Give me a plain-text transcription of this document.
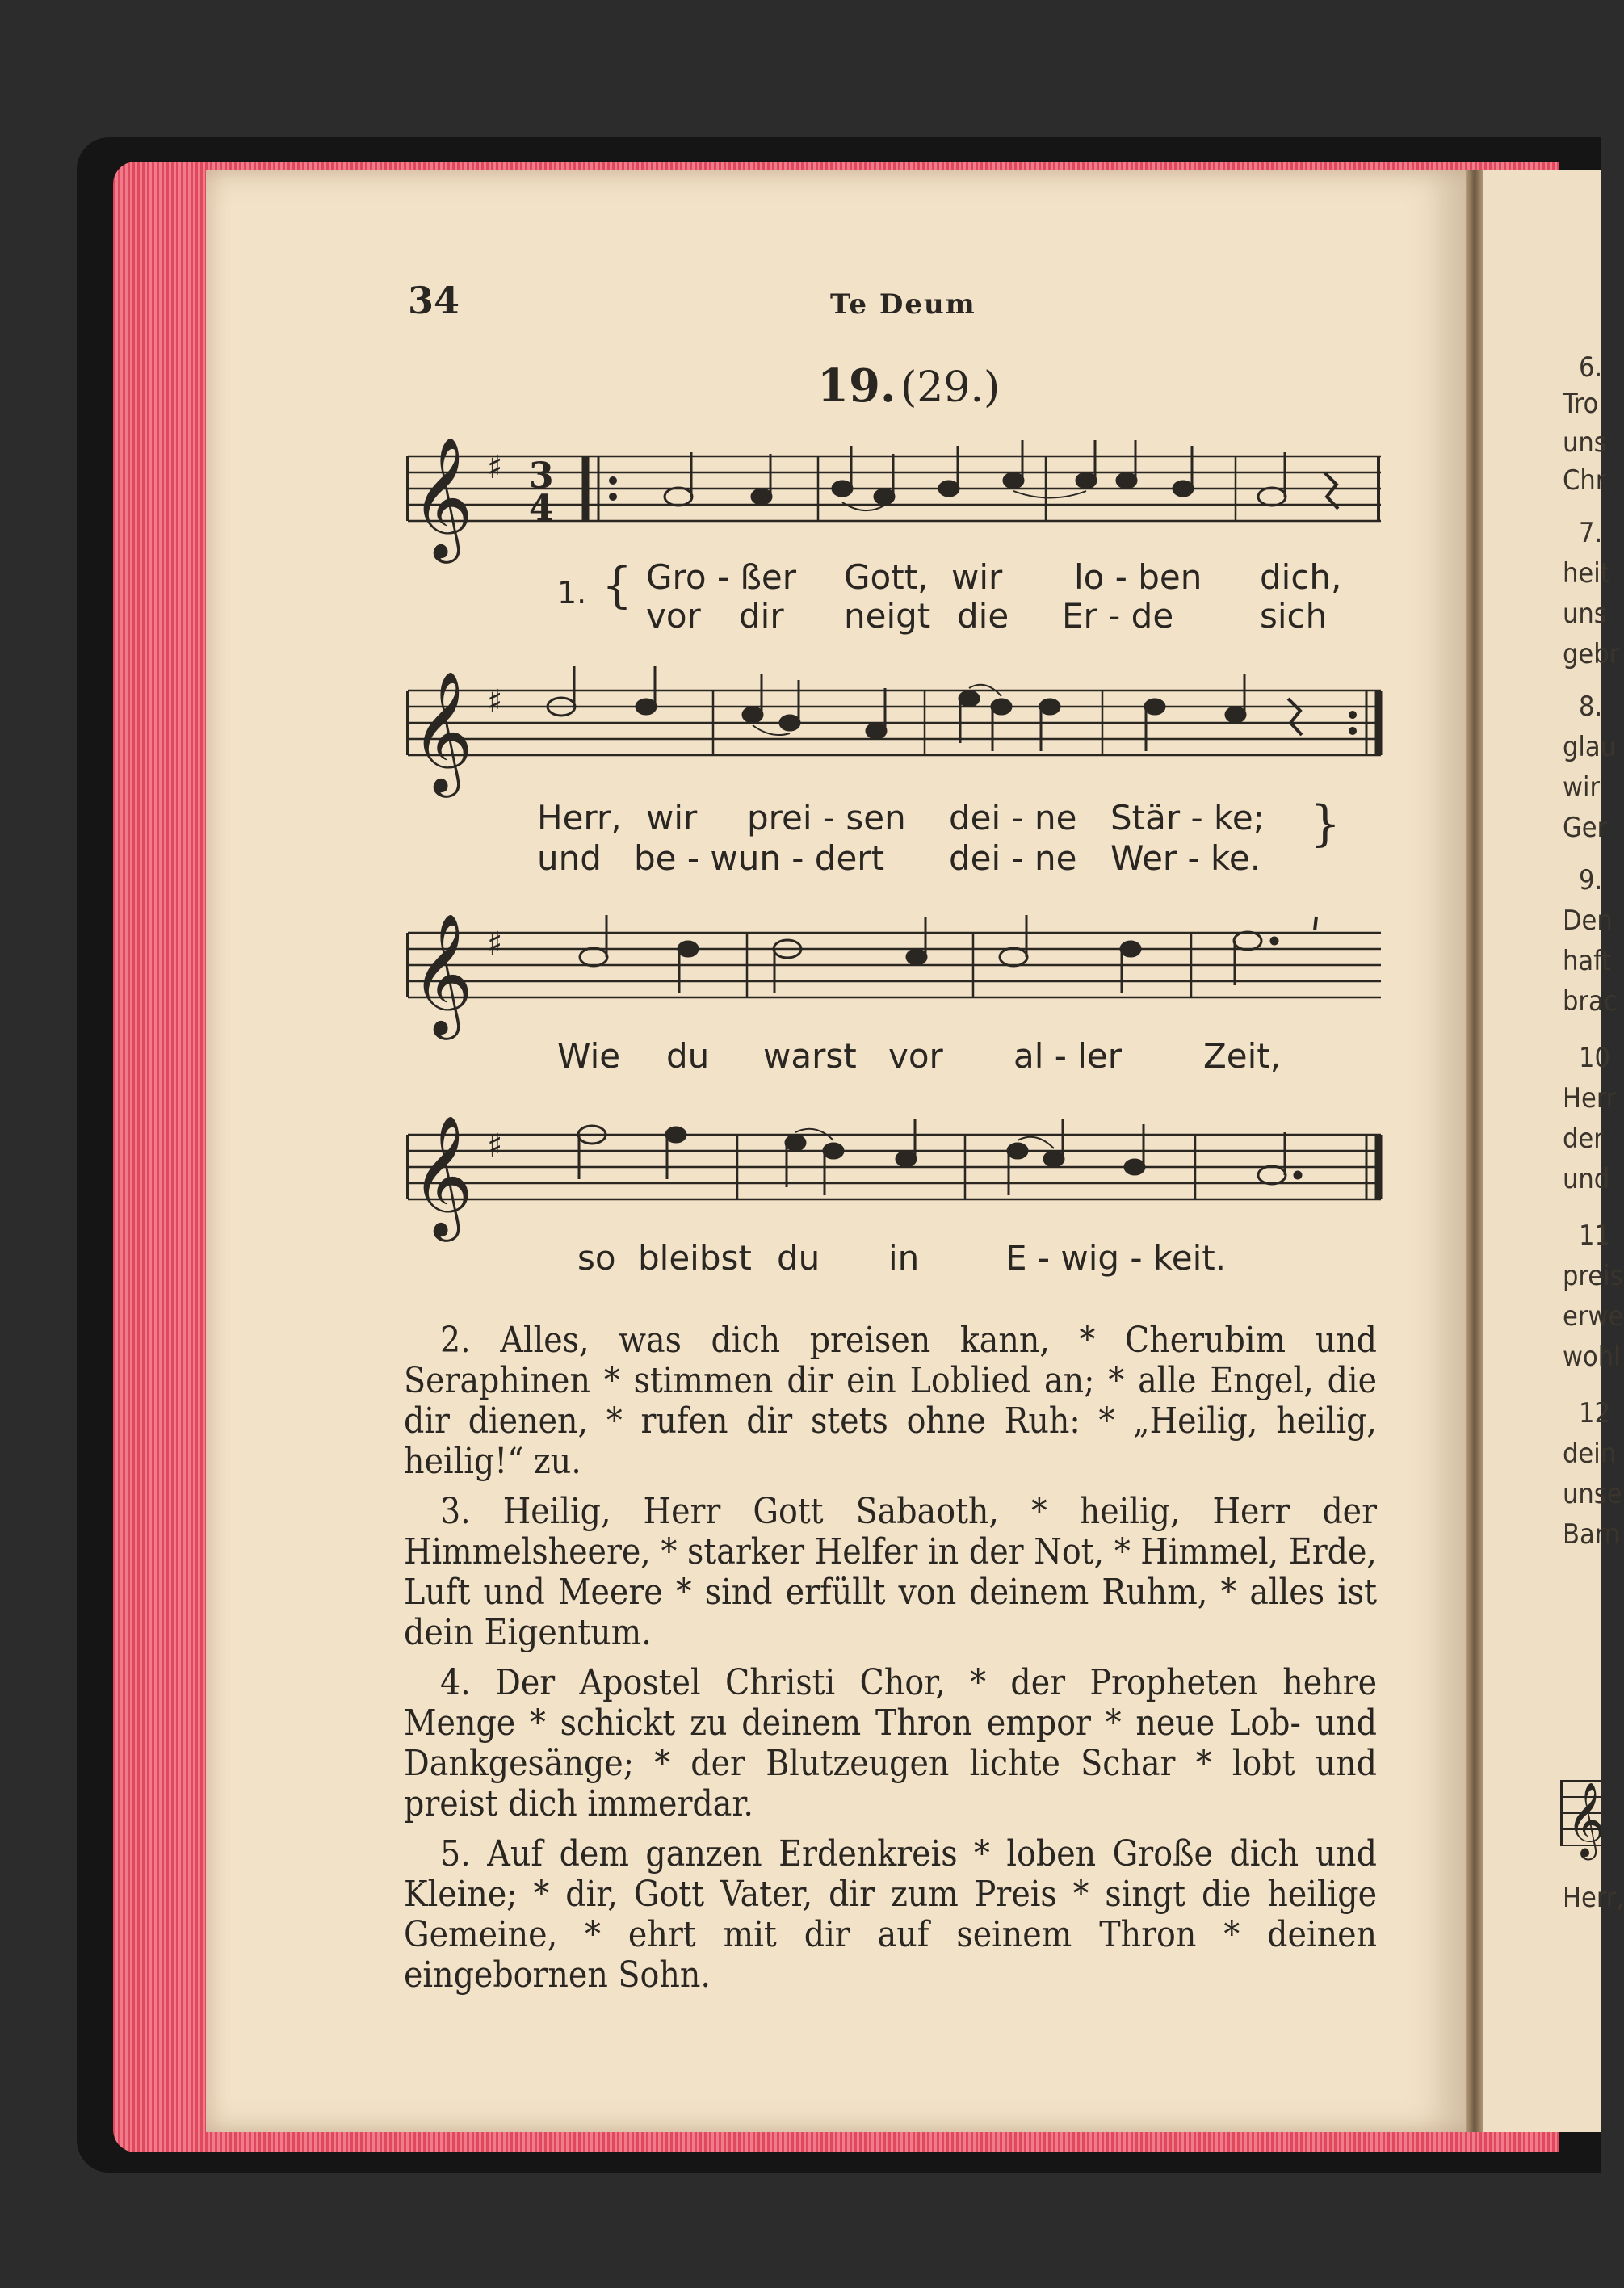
6.
Tro
uns
Chr
7.
heit
uns
gebr
8.
glau
wir
Ger
9.
Den
haft
brac
10
Herr
der
und
11
preis
erwe
wohl
12
dein
unse
Barn
𝄞
Herr,
34	Te Deum
19. (29.)
𝄞 ♯ 3
4
{
1. Gro - ßer Gott, wir lo - ben dich,
vor dir neigt die Er - de	sich
𝄞 ♯
Herr, wir prei - sen dei - ne Stär - ke;
und be - wun - dert dei - ne Wer - ke.
}
𝄞 ♯
Wie du warst vor al - ler Zeit,
𝄞 ♯
so bleibst du in	E - wig - keit.

2. Alles, was dich preisen kann, * Cherubim und Seraphinen * stimmen dir ein Loblied an; * alle Engel, die dir dienen, * rufen dir stets ohne Ruh: * „Heilig, heilig, heilig!“ zu.

3. Heilig, Herr Gott Sabaoth, * heilig, Herr der Himmelsheere, * starker Helfer in der Not, * Himmel, Erde, Luft und Meere * sind erfüllt von deinem Ruhm, * alles ist dein Eigentum.

4. Der Apostel Christi Chor, * der Propheten hehre Menge * schickt zu deinem Thron empor * neue Lob- und Dankgesänge; * der Blutzeugen lichte Schar * lobt und preist dich immerdar.

5. Auf dem ganzen Erdenkreis * loben Große dich und Kleine; * dir, Gott Vater, dir zum Preis * singt die heilige Gemeine, * ehrt mit dir auf seinem Thron * deinen eingebornen Sohn.
